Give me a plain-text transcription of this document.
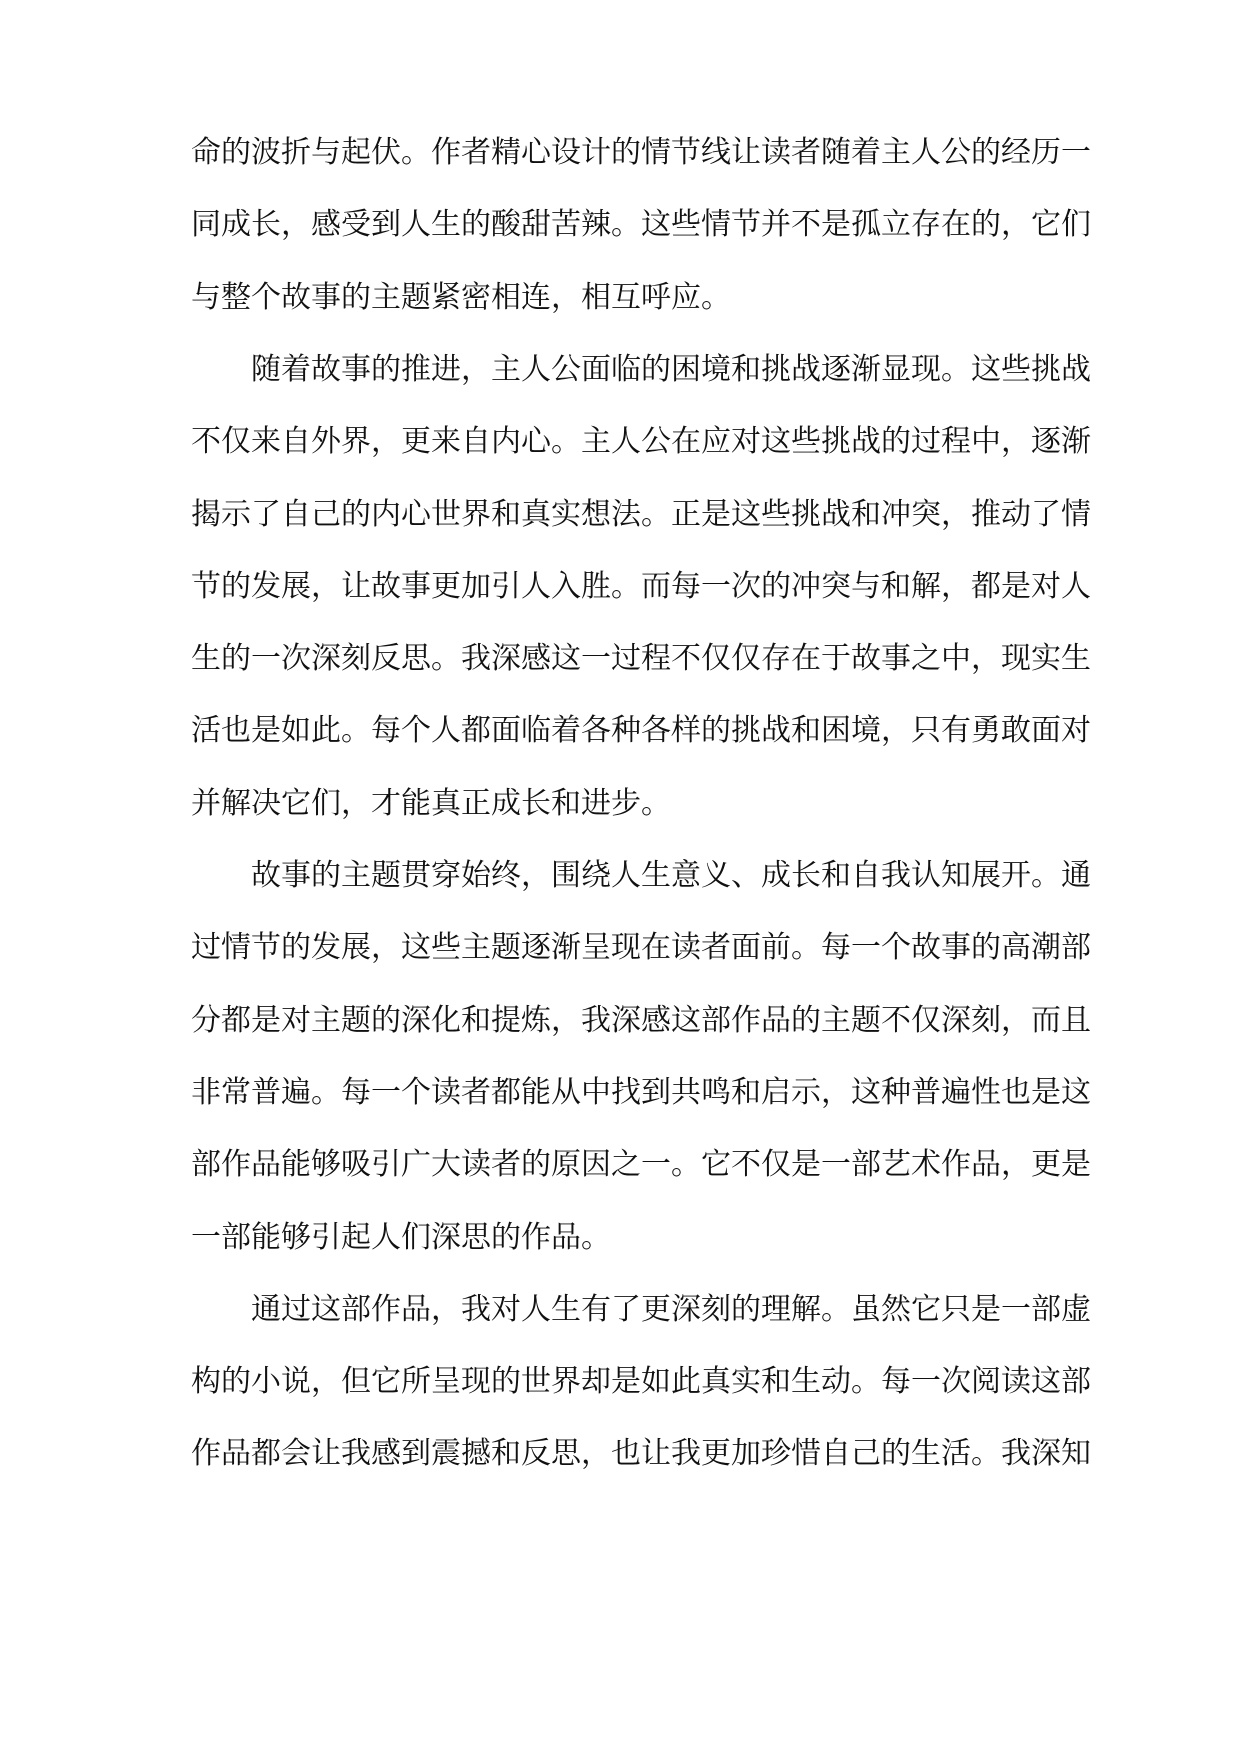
命的波折与起伏。作者精心设计的情节线让读者随着主人公的经历一

同成长，感受到人生的酸甜苦辣。这些情节并不是孤立存在的，它们

与整个故事的主题紧密相连，相互呼应。

随着故事的推进，主人公面临的困境和挑战逐渐显现。这些挑战

不仅来自外界，更来自内心。主人公在应对这些挑战的过程中，逐渐

揭示了自己的内心世界和真实想法。正是这些挑战和冲突，推动了情

节的发展，让故事更加引人入胜。而每一次的冲突与和解，都是对人

生的一次深刻反思。我深感这一过程不仅仅存在于故事之中，现实生

活也是如此。每个人都面临着各种各样的挑战和困境，只有勇敢面对

并解决它们，才能真正成长和进步。

故事的主题贯穿始终，围绕人生意义、成长和自我认知展开。通

过情节的发展，这些主题逐渐呈现在读者面前。每一个故事的高潮部

分都是对主题的深化和提炼，我深感这部作品的主题不仅深刻，而且

非常普遍。每一个读者都能从中找到共鸣和启示，这种普遍性也是这

部作品能够吸引广大读者的原因之一。它不仅是一部艺术作品，更是

一部能够引起人们深思的作品。

通过这部作品，我对人生有了更深刻的理解。虽然它只是一部虚

构的小说，但它所呈现的世界却是如此真实和生动。每一次阅读这部

作品都会让我感到震撼和反思，也让我更加珍惜自己的生活。我深知
